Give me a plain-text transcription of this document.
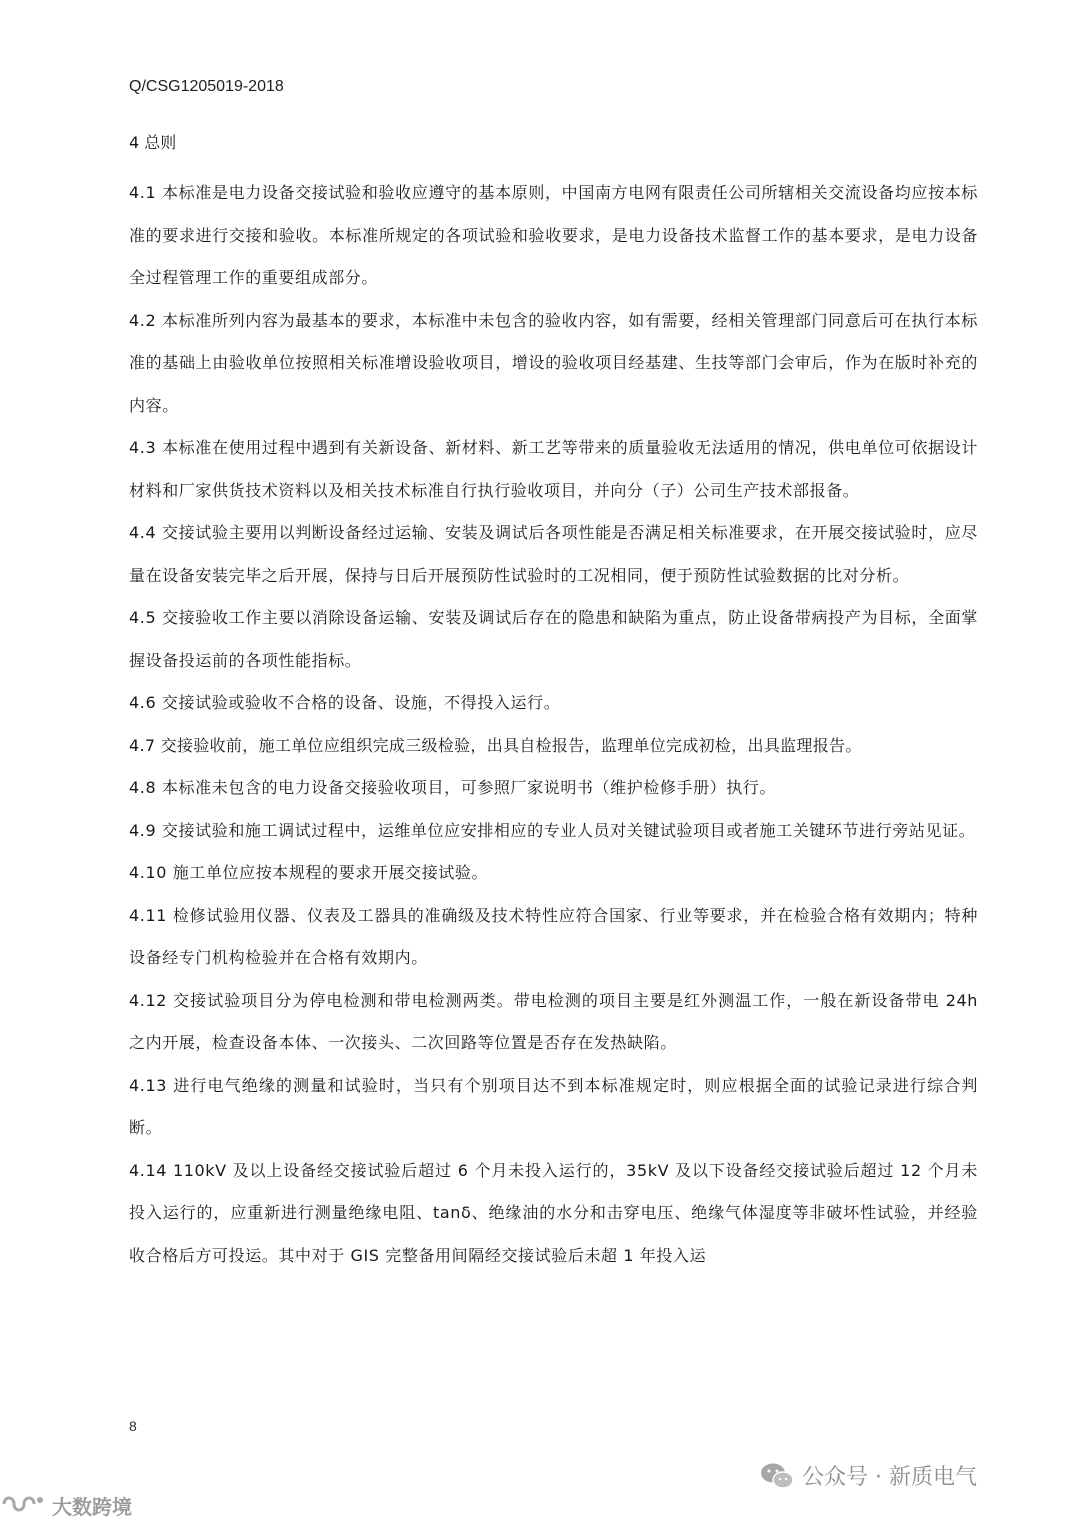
Q/CSG1205019-2018
4 总则

4.1 本标准是电力设备交接试验和验收应遵守的基本原则，中国南方电网有限责任公司所辖相关交流设备均应按本标准的要求进行交接和验收。本标准所规定的各项试验和验收要求，是电力设备技术监督工作的基本要求，是电力设备全过程管理工作的重要组成部分。

4.2 本标准所列内容为最基本的要求，本标准中未包含的验收内容，如有需要，经相关管理部门同意后可在执行本标准的基础上由验收单位按照相关标准增设验收项目，增设的验收项目经基建、生技等部门会审后，作为在版时补充的内容。

4.3 本标准在使用过程中遇到有关新设备、新材料、新工艺等带来的质量验收无法适用的情况，供电单位可依据设计材料和厂家供货技术资料以及相关技术标准自行执行验收项目，并向分（子）公司生产技术部报备。

4.4 交接试验主要用以判断设备经过运输、安装及调试后各项性能是否满足相关标准要求，在开展交接试验时，应尽量在设备安装完毕之后开展，保持与日后开展预防性试验时的工况相同，便于预防性试验数据的比对分析。

4.5 交接验收工作主要以消除设备运输、安装及调试后存在的隐患和缺陷为重点，防止设备带病投产为目标，全面掌握设备投运前的各项性能指标。

4.6 交接试验或验收不合格的设备、设施，不得投入运行。

4.7 交接验收前，施工单位应组织完成三级检验，出具自检报告，监理单位完成初检，出具监理报告。

4.8 本标准未包含的电力设备交接验收项目，可参照厂家说明书（维护检修手册）执行。

4.9 交接试验和施工调试过程中，运维单位应安排相应的专业人员对关键试验项目或者施工关键环节进行旁站见证。

4.10 施工单位应按本规程的要求开展交接试验。

4.11 检修试验用仪器、仪表及工器具的准确级及技术特性应符合国家、行业等要求，并在检验合格有效期内；特种设备经专门机构检验并在合格有效期内。

4.12 交接试验项目分为停电检测和带电检测两类。带电检测的项目主要是红外测温工作，一般在新设备带电 24h 之内开展，检查设备本体、一次接头、二次回路等位置是否存在发热缺陷。

4.13 进行电气绝缘的测量和试验时，当只有个别项目达不到本标准规定时，则应根据全面的试验记录进行综合判断。

4.14 110kV 及以上设备经交接试验后超过 6 个月未投入运行的，35kV 及以下设备经交接试验后超过 12 个月未投入运行的，应重新进行测量绝缘电阻、tanδ、绝缘油的水分和击穿电压、绝缘气体湿度等非破坏性试验，并经验收合格后方可投运。其中对于 GIS 完整备用间隔经交接试验后未超 1 年投入运

8
公众号 · 新质电气
大数跨境
